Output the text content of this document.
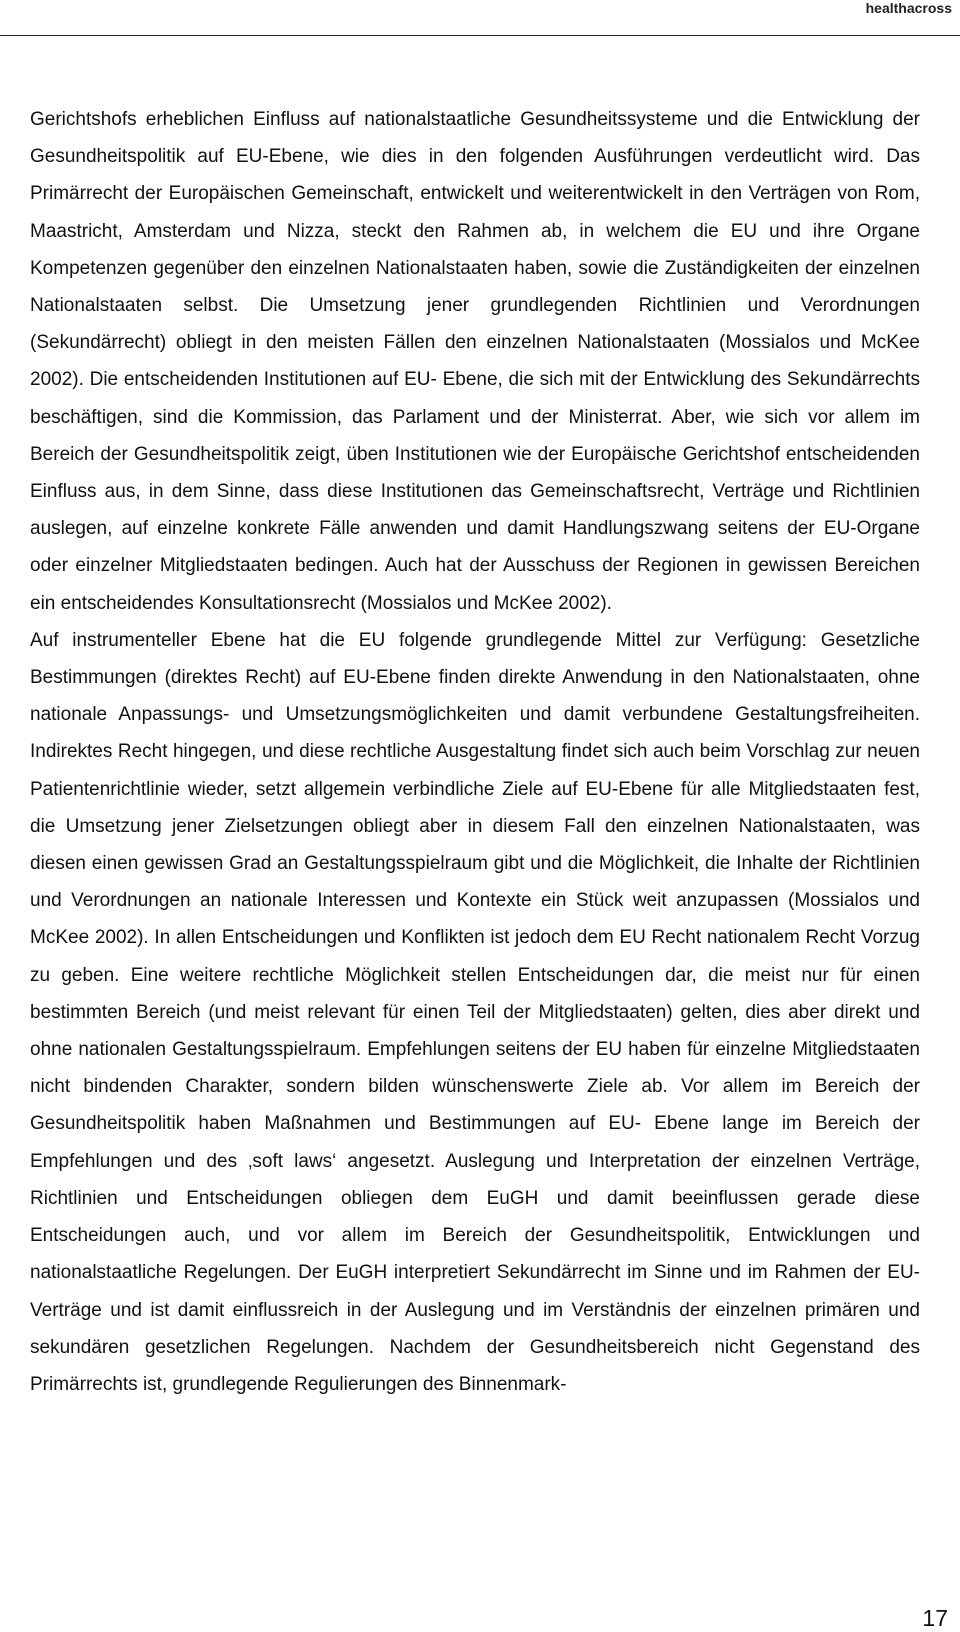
healthacross

Gerichtshofs erheblichen Einfluss auf nationalstaatliche Gesundheitssysteme und die Entwicklung der Gesundheitspolitik auf EU-Ebene, wie dies in den folgenden Ausführungen verdeutlicht wird. Das Primärrecht der Europäischen Gemeinschaft, entwickelt und weiterentwickelt in den Verträgen von Rom, Maastricht, Amsterdam und Nizza, steckt den Rahmen ab, in welchem die EU und ihre Organe Kompetenzen gegenüber den einzelnen Nationalstaaten haben, sowie die Zuständigkeiten der einzelnen Nationalstaaten selbst. Die Umsetzung jener grundlegenden Richtlinien und Verordnungen (Sekundärrecht) obliegt in den meisten Fällen den einzelnen Nationalstaaten (Mossialos und McKee 2002). Die entscheidenden Institutionen auf EU- Ebene, die sich mit der Entwicklung des Sekundärrechts beschäftigen, sind die Kommission, das Parlament und der Ministerrat. Aber, wie sich vor allem im Bereich der Gesundheitspolitik zeigt, üben Institutionen wie der Europäische Gerichtshof entscheidenden Einfluss aus, in dem Sinne, dass diese Institutionen das Gemeinschaftsrecht, Verträge und Richtlinien auslegen, auf einzelne konkrete Fälle anwenden und damit Handlungszwang seitens der EU-Organe oder einzelner Mitgliedstaaten bedingen. Auch hat der Ausschuss der Regionen in gewissen Bereichen ein entscheidendes Konsultationsrecht (Mossialos und McKee 2002).

Auf instrumenteller Ebene hat die EU folgende grundlegende Mittel zur Verfügung: Gesetzliche Bestimmungen (direktes Recht) auf EU-Ebene finden direkte Anwendung in den Nationalstaaten, ohne nationale Anpassungs- und Umsetzungsmöglichkeiten und damit verbundene Gestaltungsfreiheiten. Indirektes Recht hingegen, und diese rechtliche Ausgestaltung findet sich auch beim Vorschlag zur neuen Patientenrichtlinie wieder, setzt allgemein verbindliche Ziele auf EU-Ebene für alle Mitgliedstaaten fest, die Umsetzung jener Zielsetzungen obliegt aber in diesem Fall den einzelnen Nationalstaaten, was diesen einen gewissen Grad an Gestaltungsspielraum gibt und die Möglichkeit, die Inhalte der Richtlinien und Verordnungen an nationale Interessen und Kontexte ein Stück weit anzupassen (Mossialos und McKee 2002). In allen Entscheidungen und Konflikten ist jedoch dem EU Recht nationalem Recht Vorzug zu geben. Eine weitere rechtliche Möglichkeit stellen Entscheidungen dar, die meist nur für einen bestimmten Bereich (und meist relevant für einen Teil der Mitgliedstaaten) gelten, dies aber direkt und ohne nationalen Gestaltungsspielraum. Empfehlungen seitens der EU haben für einzelne Mitgliedstaaten nicht bindenden Charakter, sondern bilden wünschenswerte Ziele ab. Vor allem im Bereich der Gesundheitspolitik haben Maßnahmen und Bestimmungen auf EU- Ebene lange im Bereich der Empfehlungen und des ‚soft laws‘ angesetzt. Auslegung und Interpretation der einzelnen Verträge, Richtlinien und Entscheidungen obliegen dem EuGH und damit beeinflussen gerade diese Entscheidungen auch, und vor allem im Bereich der Gesundheitspolitik, Entwicklungen und nationalstaatliche Regelungen. Der EuGH interpretiert Sekundärrecht im Sinne und im Rahmen der EU-Verträge und ist damit einflussreich in der Auslegung und im Verständnis der einzelnen primären und sekundären gesetzlichen Regelungen. Nachdem der Gesundheitsbereich nicht Gegenstand des Primärrechts ist, grundlegende Regulierungen des Binnenmark-

17
